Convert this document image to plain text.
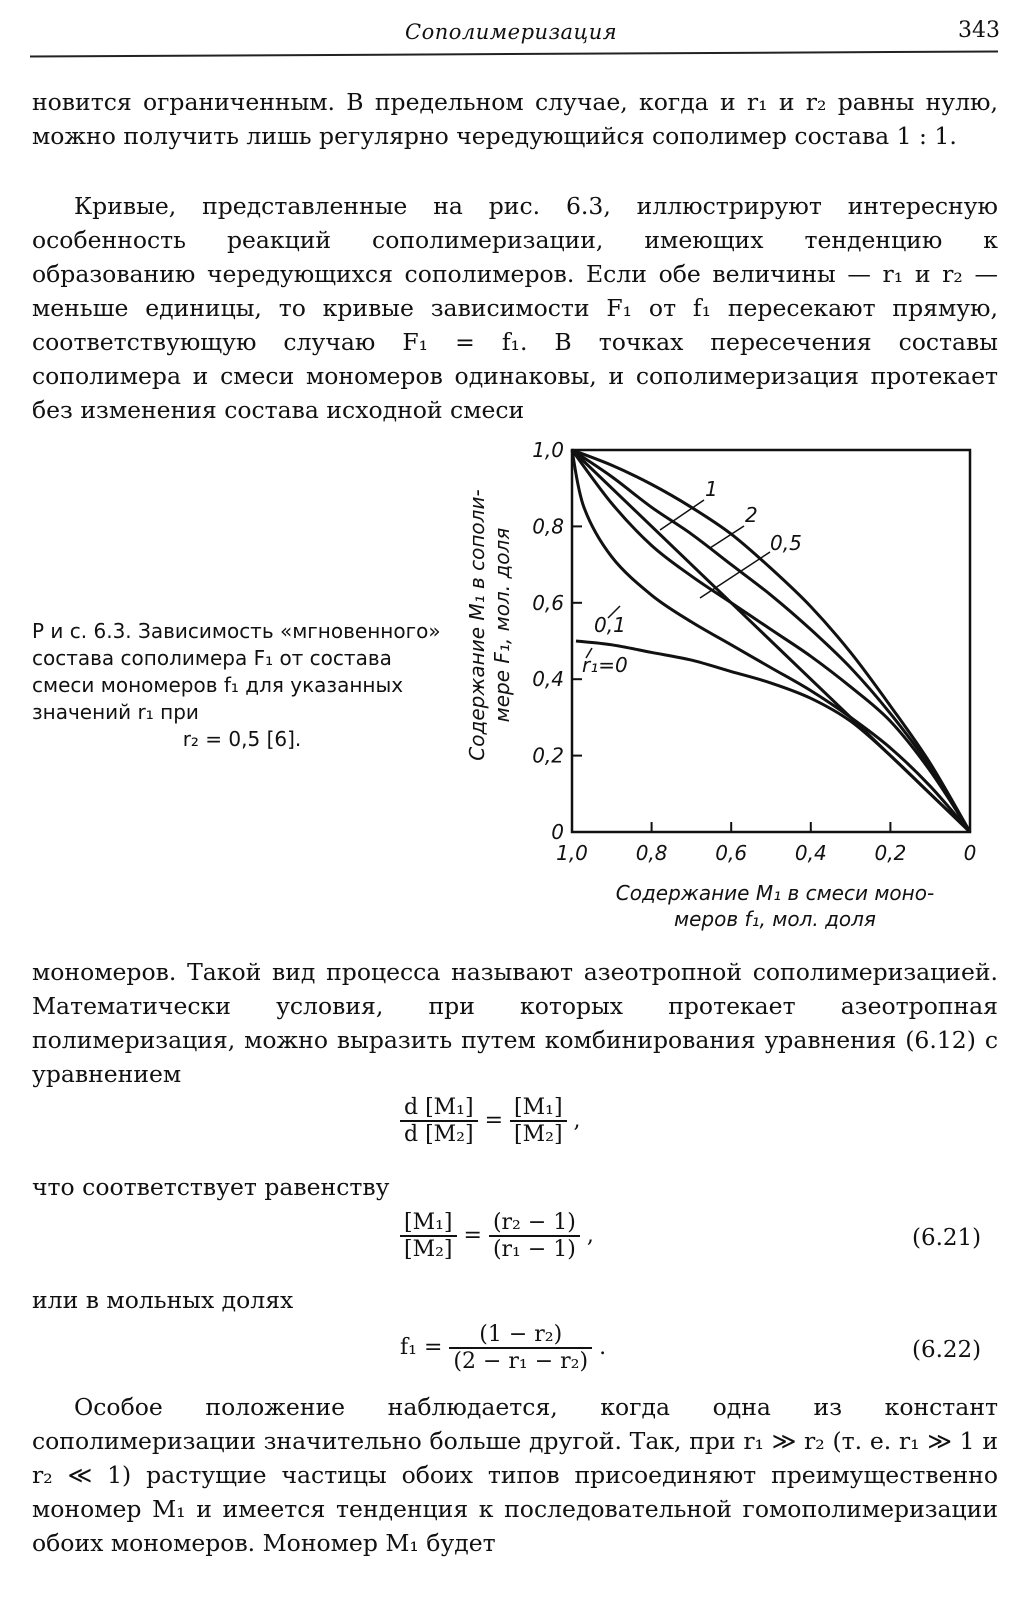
Сополимеризация	343

новится ограниченным. В предельном случае, когда и r₁ и r₂ равны нулю, можно получить лишь регулярно чередующийся сополимер состава 1 : 1.

Кривые, представленные на рис. 6.3, иллюстрируют интересную особенность реакций сополимеризации, имеющих тенденцию к образованию чередующихся сополимеров. Если обе величины — r₁ и r₂ — меньше единицы, то кривые зависимости F₁ от f₁ пересекают прямую, соответствующую случаю F₁ = f₁. В точках пересечения составы сополимера и смеси мономеров одинаковы, и сополимеризация протекает без изменения состава исходной смеси

Р и с. 6.3. Зависимость «мгновенного» состава сополимера F₁ от состава смеси мономеров f₁ для указанных значений r₁ при
r₂ = 0,5 [6].	Содержание M₁ в сополи- мере F₁, мол. доля
1,0
0,8
0,6
0,4
0,2
0
1,0 0,8 0,6 0,4 0,2	0
1
2
0,5
0,1
r₁=0
Содержание M₁ в смеси моно-
меров f₁, мол. доля

мономеров. Такой вид процесса называют азеотропной сополимеризацией. Математически условия, при которых протекает азеотропная полимеризация, можно выразить путем комбинирования уравнения (6.12) с уравнением

$\frac{\text{d [M₁]}}{\text{d [M₂]}} = \frac{\text{[M₁]}}{\text{[M₂]}}$ ,

что соответствует равенству

$\frac{\text{[M₁]}}{\text{[M₂]}} = \frac{\text{(r₂ − 1)}}{\text{(r₁ − 1)}}$ ,	(6.21)

или в мольных долях

$f_1 = \frac{\text{(1 − r₂)}}{\text{(2 − r₁ − r₂)}}$ .	(6.22)

Особое положение наблюдается, когда одна из констант сополимеризации значительно больше другой. Так, при r₁ ≫ r₂ (т. е. r₁ ≫ 1 и r₂ ≪ 1) растущие частицы обоих типов присоединяют преимущественно мономер M₁ и имеется тенденция к последовательной гомополимеризации обоих мономеров. Мономер M₁ будет
